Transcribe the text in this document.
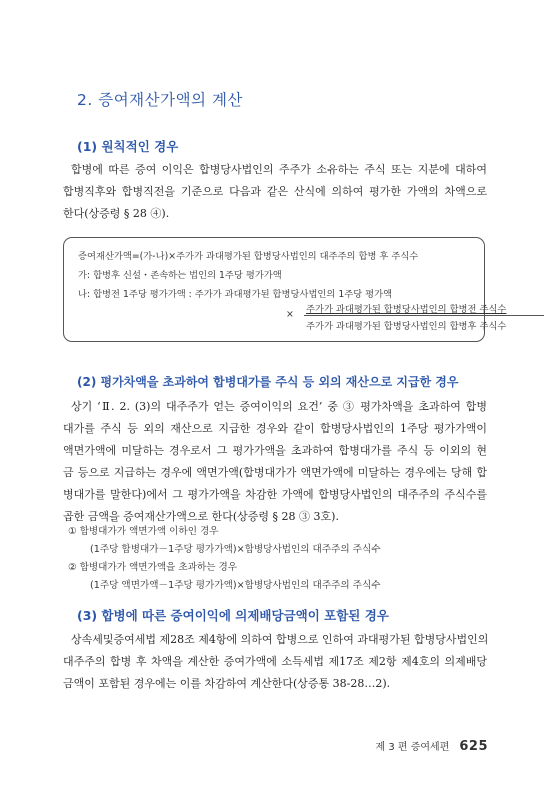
2. 증여재산가액의 계산
(1) 원칙적인 경우
합병에 따른 증여 이익은 합병당사법인의 주주가 소유하는 주식 또는 지분에 대하여
합병직후와 합병직전을 기준으로 다음과 같은 산식에 의하여 평가한 가액의 차액으로
한다(상증령 § 28 ④).
증여재산가액=(가-나)×주가가 과대평가된 합병당사법인의 대주주의 합병 후 주식수
가: 합병후 신설・존속하는 법인의 1주당 평가가액
나: 합병전 1주당 평가가액 : 주가가 과대평가된 합병당사법인의 1주당 평가액
× 주가가 과대평가된 합병당사법인의 합병전 주식수
주가가 과대평가된 합병당사법인의 합병후 주식수
(2) 평가차액을 초과하여 합병대가를 주식 등 외의 재산으로 지급한 경우
상기 ‘Ⅱ. 2. (3)의 대주주가 얻는 증여이익의 요건’ 중 ③ 평가차액을 초과하여 합병
대가를 주식 등 외의 재산으로 지급한 경우와 같이 합병당사법인의 1주당 평가가액이
액면가액에 미달하는 경우로서 그 평가가액을 초과하여 합병대가를 주식 등 이외의 현
금 등으로 지급하는 경우에 액면가액(합병대가가 액면가액에 미달하는 경우에는 당해 합
병대가를 말한다)에서 그 평가가액을 차감한 가액에 합병당사법인의 대주주의 주식수를
곱한 금액을 증여재산가액으로 한다(상증령 § 28 ③ 3호).
① 합병대가가 액면가액 이하인 경우
(1주당 합병대가－1주당 평가가액)×합병당사법인의 대주주의 주식수
② 합병대가가 액면가액을 초과하는 경우
(1주당 액면가액－1주당 평가가액)×합병당사법인의 대주주의 주식수
(3) 합병에 따른 증여이익에 의제배당금액이 포함된 경우
상속세및증여세법 제28조 제4항에 의하여 합병으로 인하여 과대평가된 합병당사법인의
대주주의 합병 후 차액을 계산한 증여가액에 소득세법 제17조 제2항 제4호의 의제배당
금액이 포함된 경우에는 이를 차감하여 계산한다(상증통 38-28…2).
제 3 편 증여세편 625
